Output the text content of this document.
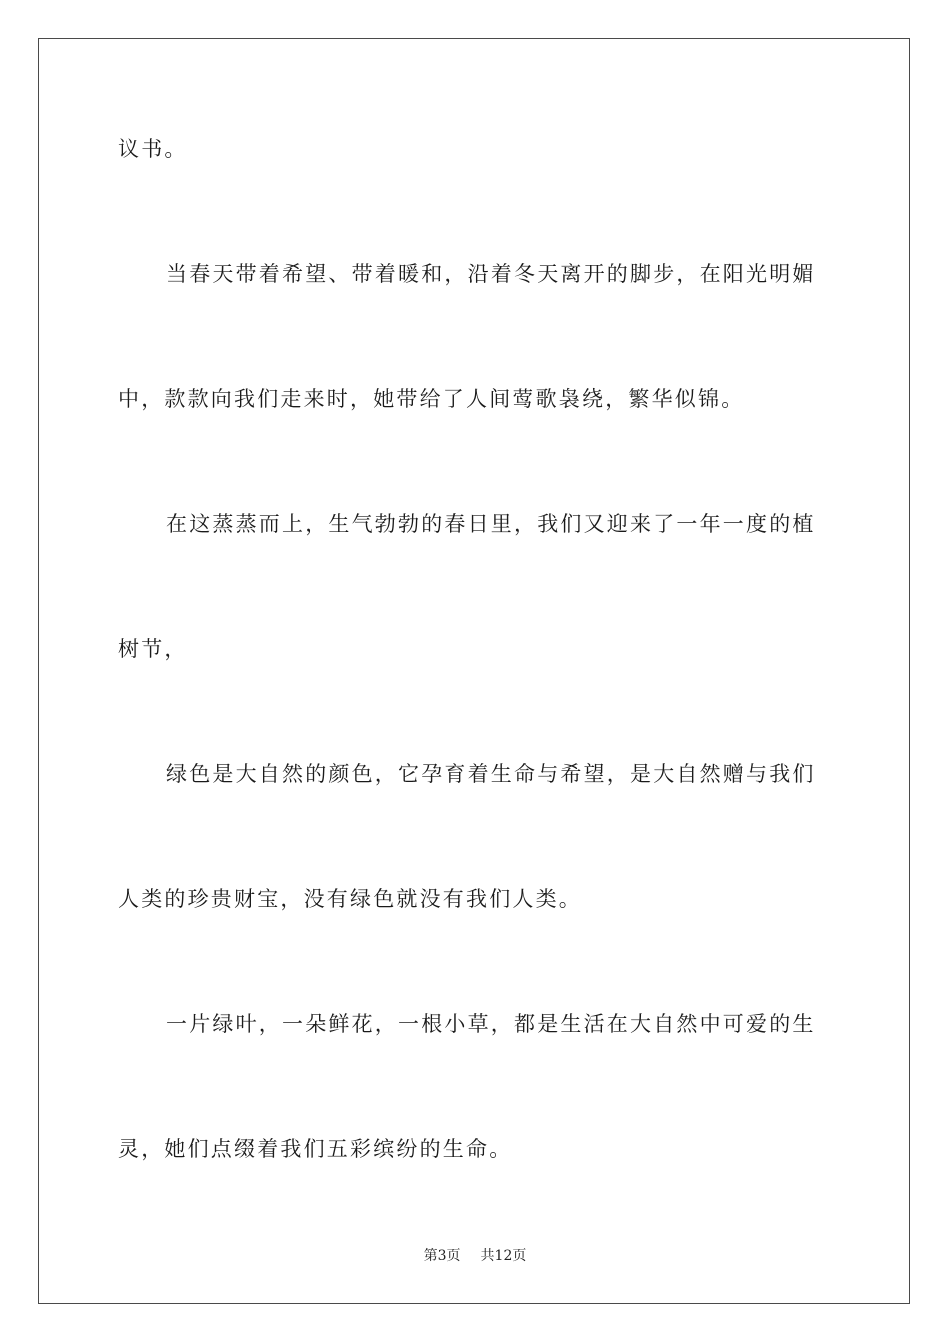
议书。
当春天带着希望、带着暖和，沿着冬天离开的脚步，在阳光明媚
中，款款向我们走来时，她带给了人间莺歌袅绕，繁华似锦。
在这蒸蒸而上，生气勃勃的春日里，我们又迎来了一年一度的植
树节，
绿色是大自然的颜色，它孕育着生命与希望，是大自然赠与我们
人类的珍贵财宝，没有绿色就没有我们人类。
一片绿叶，一朵鲜花，一根小草，都是生活在大自然中可爱的生
灵，她们点缀着我们五彩缤纷的生命。
第3页 共12页
